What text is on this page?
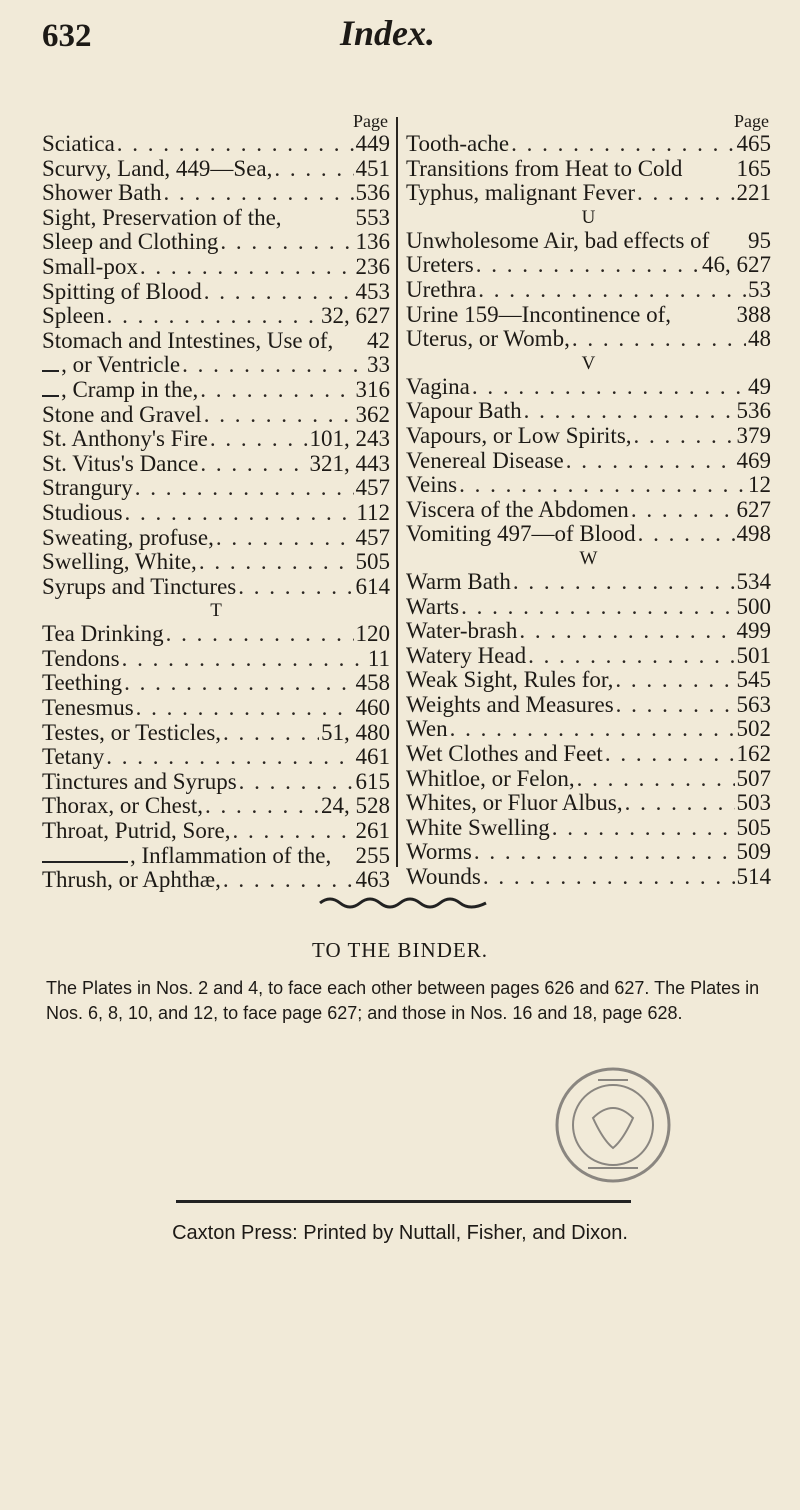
632	Index.
Page
Sciatica . . .	449
Scurvy, Land, 449—Sea, . . .	451
Shower Bath . . .	536
Sight, Preservation of the,	553
Sleep and Clothing . . .	136
Small-pox . . .	236
Spitting of Blood . . .	453
Spleen . . .	32, 627
Stomach and Intestines, Use of,	42
, or Ventricle . . .	33
, Cramp in the, . . .	316
Stone and Gravel . . .	362
St. Anthony's Fire . . .	101, 243
St. Vitus's Dance . . .	321, 443
Strangury . . .	457
Studious . . .	112
Sweating, profuse, . . .	457
Swelling, White, . . .	505
Syrups and Tinctures . . .	614
T
Tea Drinking . . .	120
Tendons . . .	11
Teething . . .	458
Tenesmus . . .	460
Testes, or Testicles, . . .	51, 480
Tetany . . .	461
Tinctures and Syrups . . .	615
Thorax, or Chest, . . .	24, 528
Throat, Putrid, Sore, . . .	261
, Inflammation of the,	255
Thrush, or Aphthæ, . . .	463
Page
Tooth-ache . . .	465
Transitions from Heat to Cold	165
Typhus, malignant Fever . . .	221
U
Unwholesome Air, bad effects of	95
Ureters . . .	46, 627
Urethra . . .	53
Urine 159—Incontinence of,	388
Uterus, or Womb, . . .	48
V
Vagina . . .	49
Vapour Bath . . .	536
Vapours, or Low Spirits, . . .	379
Venereal Disease . . .	469
Veins . . .	12
Viscera of the Abdomen . . .	627
Vomiting 497—of Blood . . .	498
W
Warm Bath . . .	534
Warts . . .	500
Water-brash . . .	499
Watery Head . . .	501
Weak Sight, Rules for, . . .	545
Weights and Measures . . .	563
Wen . . .	502
Wet Clothes and Feet . . .	162
Whitloe, or Felon, . . .	507
Whites, or Fluor Albus, . . .	503
White Swelling . . .	505
Worms . . .	509
Wounds . . .	514
TO THE BINDER.
The Plates in Nos. 2 and 4, to face each other between pages 626 and 627. The Plates in Nos. 6, 8, 10, and 12, to face page 627; and those in Nos. 16 and 18, page 628.
Caxton Press: Printed by Nuttall, Fisher, and Dixon.
